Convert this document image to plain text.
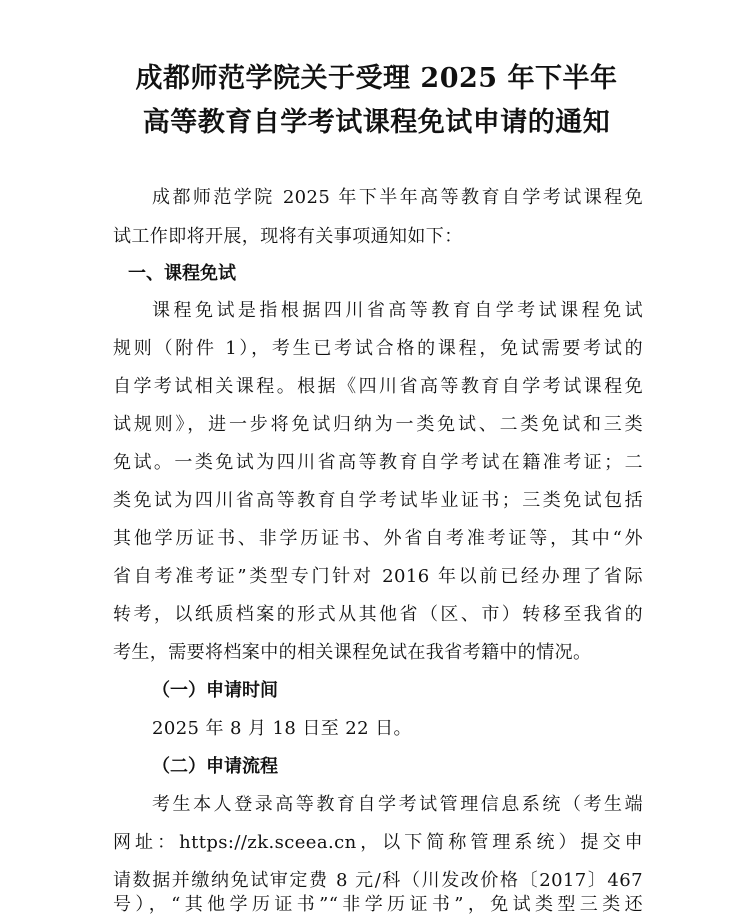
成都师范学院关于受理 2025 年下半年
高等教育自学考试课程免试申请的通知
成都师范学院 2025 年下半年高等教育自学考试课程免
试工作即将开展，现将有关事项通知如下：
一、课程免试
课程免试是指根据四川省高等教育自学考试课程免试
规则（附件 1），考生已考试合格的课程，免试需要考试的
自学考试相关课程。根据《四川省高等教育自学考试课程免
试规则》，进一步将免试归纳为一类免试、二类免试和三类
免试。一类免试为四川省高等教育自学考试在籍准考证；二
类免试为四川省高等教育自学考试毕业证书；三类免试包括
其他学历证书、非学历证书、外省自考准考证等，其中“外
省自考准考证”类型专门针对 2016 年以前已经办理了省际
转考，以纸质档案的形式从其他省（区、市）转移至我省的
考生，需要将档案中的相关课程免试在我省考籍中的情况。
（一）申请时间
2025 年 8 月 18 日至 22 日。
（二）申请流程
考生本人登录高等教育自学考试管理信息系统（考生端
网址：https://zk.sceea.cn，以下简称管理系统）提交申
请数据并缴纳免试审定费 8 元/科（川发改价格〔2017〕467
号），“其他学历证书”“非学历证书”，免试类型三类还
